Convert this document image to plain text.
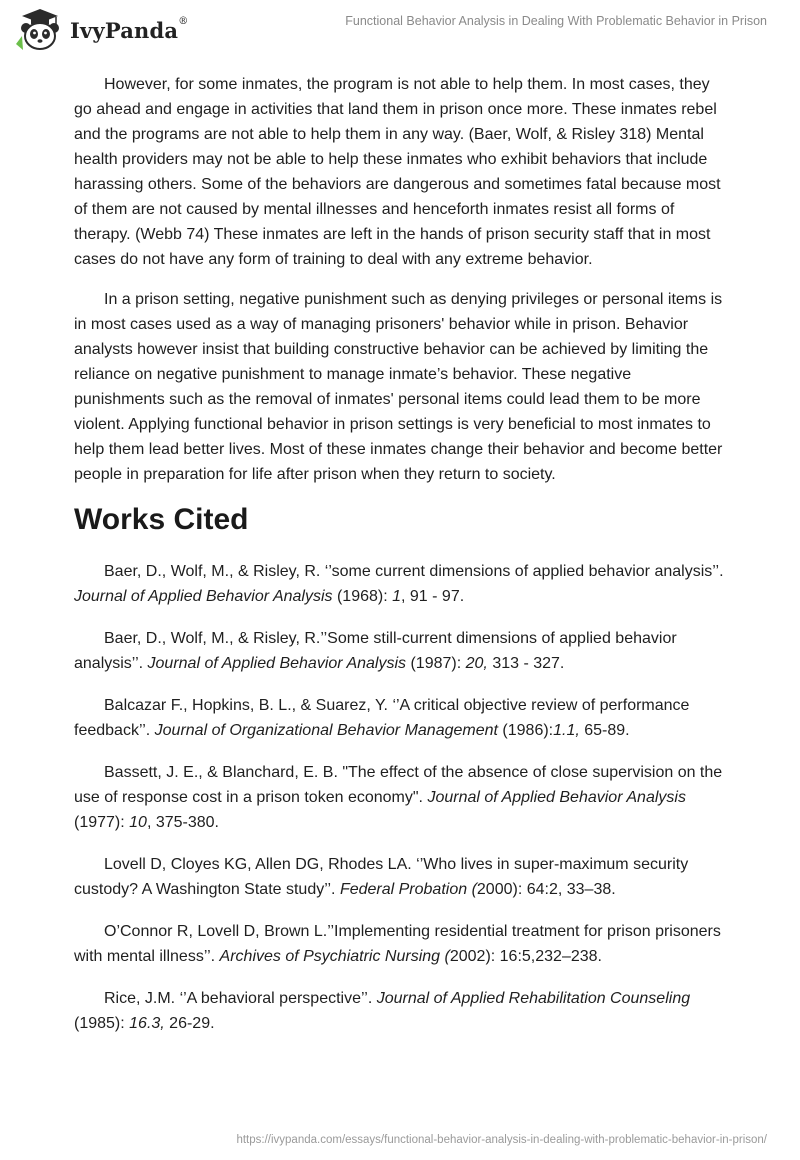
IvyPanda®	Functional Behavior Analysis in Dealing With Problematic Behavior in Prison

However, for some inmates, the program is not able to help them. In most cases, they go ahead and engage in activities that land them in prison once more. These inmates rebel and the programs are not able to help them in any way. (Baer, Wolf, & Risley 318) Mental health providers may not be able to help these inmates who exhibit behaviors that include harassing others. Some of the behaviors are dangerous and sometimes fatal because most of them are not caused by mental illnesses and henceforth inmates resist all forms of therapy. (Webb 74) These inmates are left in the hands of prison security staff that in most cases do not have any form of training to deal with any extreme behavior.

In a prison setting, negative punishment such as denying privileges or personal items is in most cases used as a way of managing prisoners' behavior while in prison. Behavior analysts however insist that building constructive behavior can be achieved by limiting the reliance on negative punishment to manage inmate’s behavior. These negative punishments such as the removal of inmates' personal items could lead them to be more violent. Applying functional behavior in prison settings is very beneficial to most inmates to help them lead better lives. Most of these inmates change their behavior and become better people in preparation for life after prison when they return to society.

Works Cited

Baer, D., Wolf, M., & Risley, R. ‘’some current dimensions of applied behavior analysis’’. Journal of Applied Behavior Analysis (1968): 1, 91 - 97.

Baer, D., Wolf, M., & Risley, R.’’Some still-current dimensions of applied behavior analysis’’. Journal of Applied Behavior Analysis (1987): 20, 313 - 327.

Balcazar F., Hopkins, B. L., & Suarez, Y. ‘’A critical objective review of performance feedback’’. Journal of Organizational Behavior Management (1986):1.1, 65-89.

Bassett, J. E., & Blanchard, E. B. "The effect of the absence of close supervision on the use of response cost in a prison token economy". Journal of Applied Behavior Analysis (1977): 10, 375-380.

Lovell D, Cloyes KG, Allen DG, Rhodes LA. ‘’Who lives in super-maximum security custody? A Washington State study’’. Federal Probation (2000): 64:2, 33–38.

O’Connor R, Lovell D, Brown L.’’Implementing residential treatment for prison prisoners with mental illness’’. Archives of Psychiatric Nursing (2002): 16:5,232–238.

Rice, J.M. ‘’A behavioral perspective’’. Journal of Applied Rehabilitation Counseling (1985): 16.3, 26-29.

https://ivypanda.com/essays/functional-behavior-analysis-in-dealing-with-problematic-behavior-in-prison/
